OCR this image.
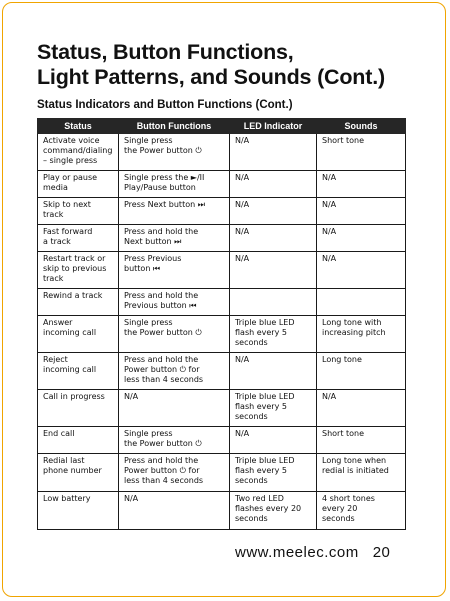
Status, Button Functions,
Light Patterns, and Sounds (Cont.)
Status Indicators and Button Functions (Cont.)
Status	Button Functions	LED Indicator	Sounds
Activate voice
command/dialing
– single press	Single press
the Power button ⏻	N/A	Short tone
Play or pause
media	Single press the ►/II
Play/Pause button	N/A	N/A
Skip to next
track	Press Next button ⏭	N/A	N/A
Fast forward
a track	Press and hold the
Next button ⏭	N/A	N/A
Restart track or
skip to previous
track	Press Previous
button ⏮	N/A	N/A
Rewind a track	Press and hold the
Previous button ⏮		
Answer
incoming call	Single press
the Power button ⏻	Triple blue LED
flash every 5
seconds	Long tone with
increasing pitch
Reject
incoming call	Press and hold the
Power button ⏻ for
less than 4 seconds	N/A	Long tone
Call in progress	N/A	Triple blue LED
flash every 5
seconds	N/A
End call	Single press
the Power button ⏻	N/A	Short tone
Redial last
phone number	Press and hold the
Power button ⏻ for
less than 4 seconds	Triple blue LED
flash every 5
seconds	Long tone when
redial is initiated
Low battery	N/A	Two red LED
flashes every 20
seconds	4 short tones
every 20
seconds
www.meelec.com 20
